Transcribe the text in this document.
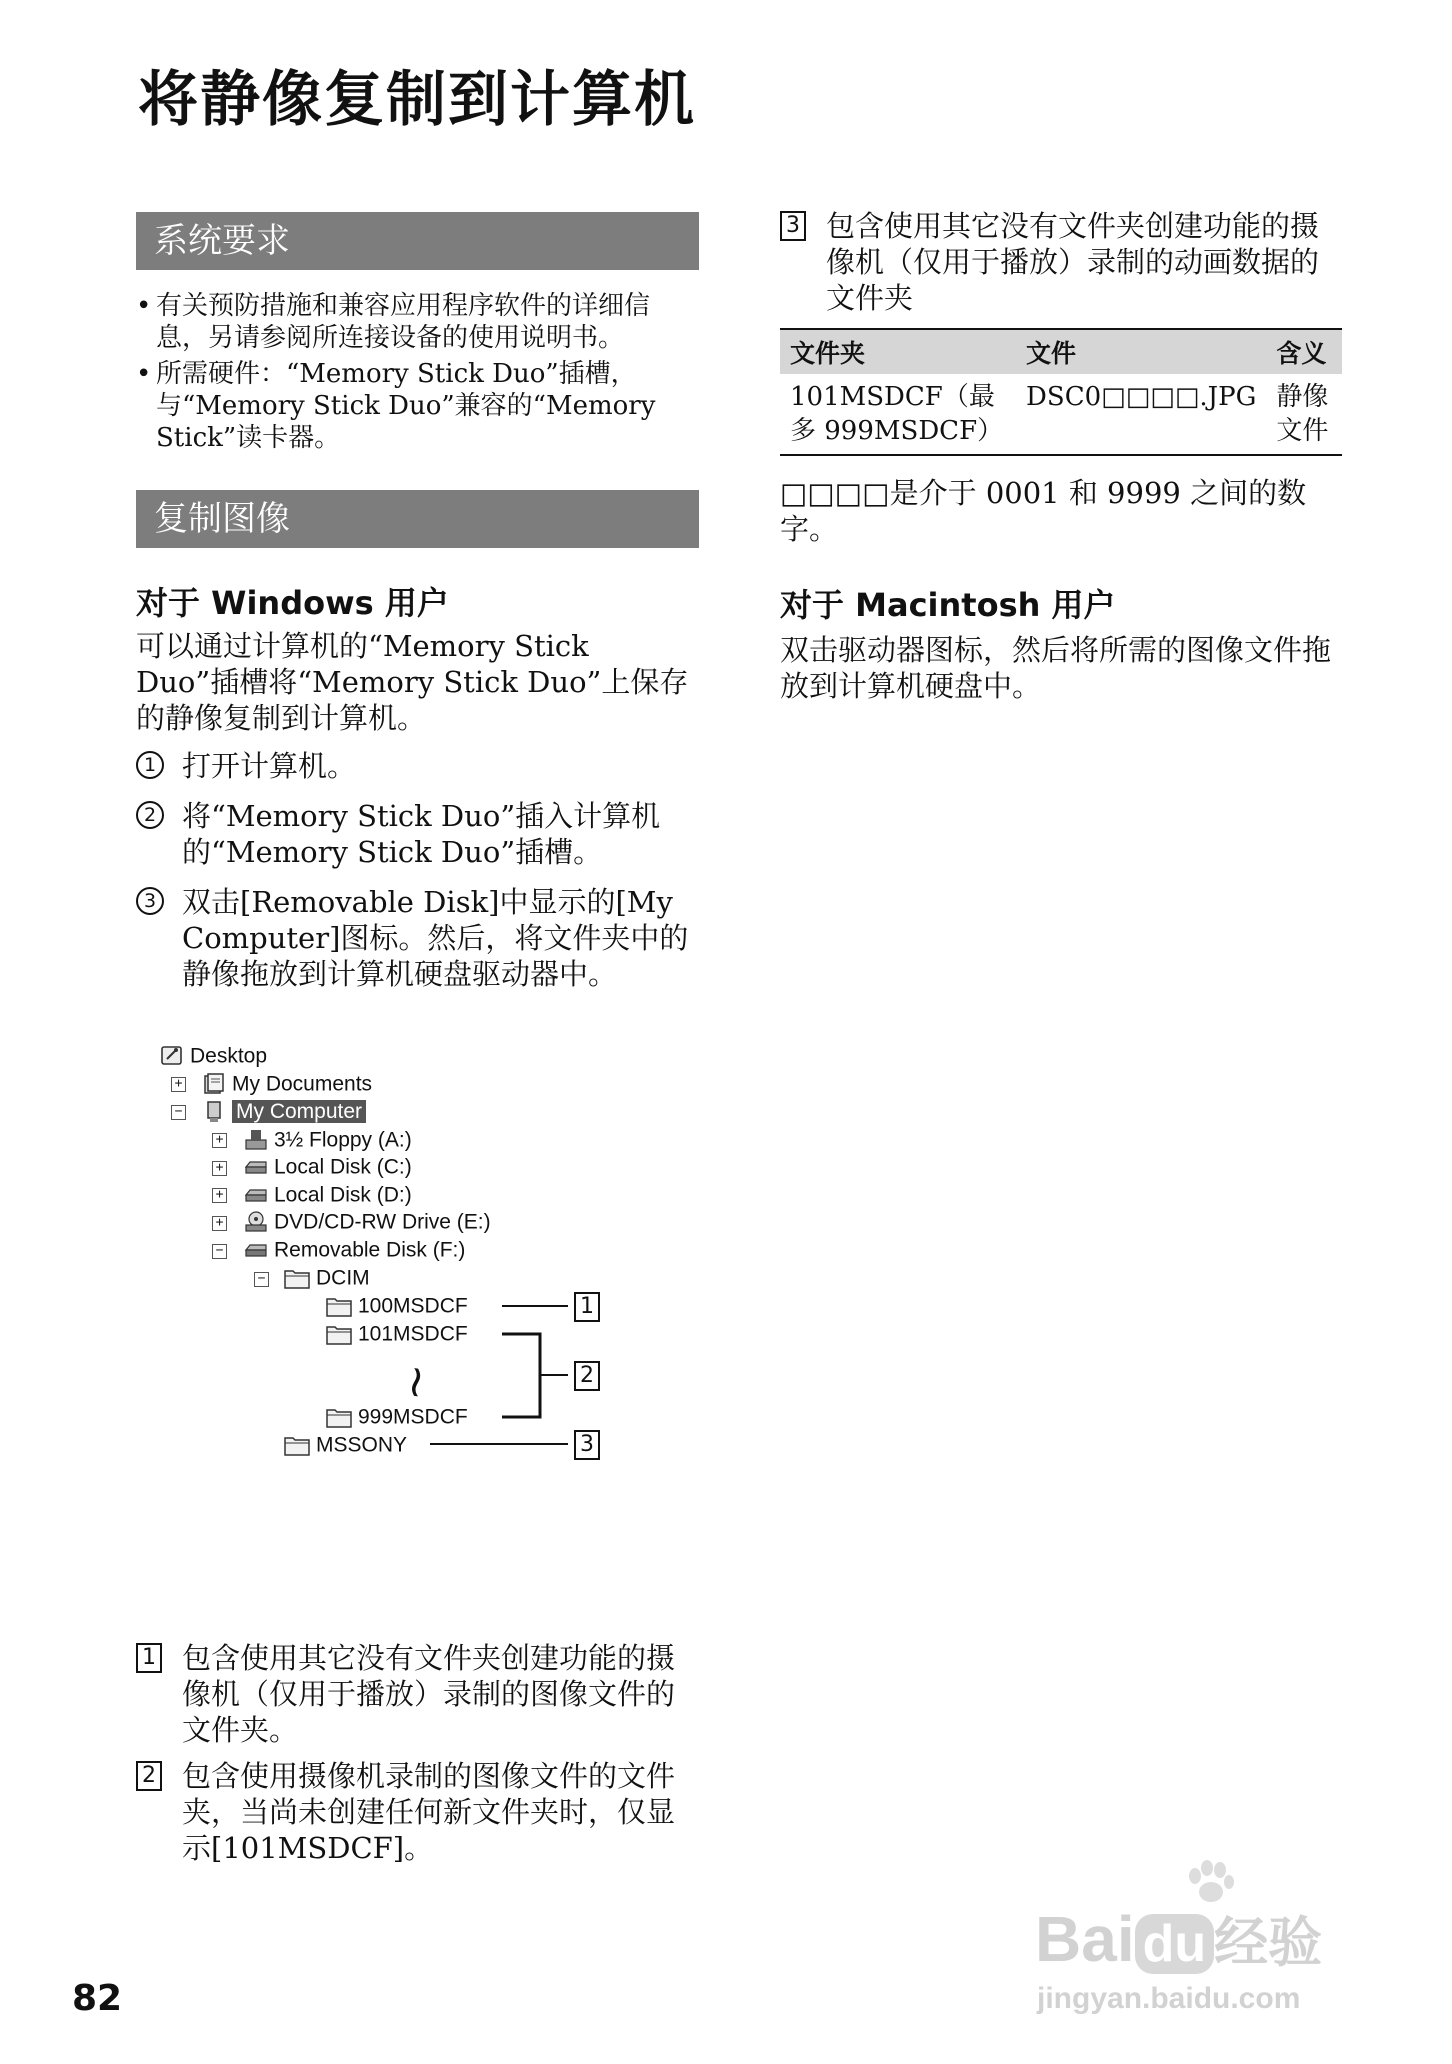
将静像复制到计算机
系统要求
• 有关预防措施和兼容应用程序软件的详细信息，另请参阅所连接设备的使用说明书。
• 所需硬件：“Memory Stick Duo”插槽，与“Memory Stick Duo”兼容的“Memory Stick”读卡器。
复制图像
对于 Windows 用户
可以通过计算机的“Memory Stick Duo”插槽将“Memory Stick Duo”上保存的静像复制到计算机。
1 打开计算机。
2 将“Memory Stick Duo”插入计算机的“Memory Stick Duo”插槽。
3 双击[Removable Disk]中显示的[My Computer]图标。然后，将文件夹中的静像拖放到计算机硬盘驱动器中。
Desktop
+	My Documents
−	My Computer
+	3½ Floppy (A:)
+	Local Disk (C:)
+	Local Disk (D:)
+	DVD/CD-RW Drive (E:)
−	Removable Disk (F:)
−	DCIM
100MSDCF
101MSDCF
≀
999MSDCF
MSSONY
1
2
3
1 包含使用其它没有文件夹创建功能的摄像机（仅用于播放）录制的图像文件的文件夹。
2 包含使用摄像机录制的图像文件的文件夹，当尚未创建任何新文件夹时，仅显示[101MSDCF]。
3 包含使用其它没有文件夹创建功能的摄像机（仅用于播放）录制的动画数据的文件夹
文件夹	文件	含义
101MSDCF（最多 999MSDCF）	DSC0□□□□.JPG	静像文件
□□□□是介于 0001 和 9999 之间的数字。
对于 Macintosh 用户
双击驱动器图标，然后将所需的图像文件拖放到计算机硬盘中。
82
Bai du 经验
jingyan.baidu.com
